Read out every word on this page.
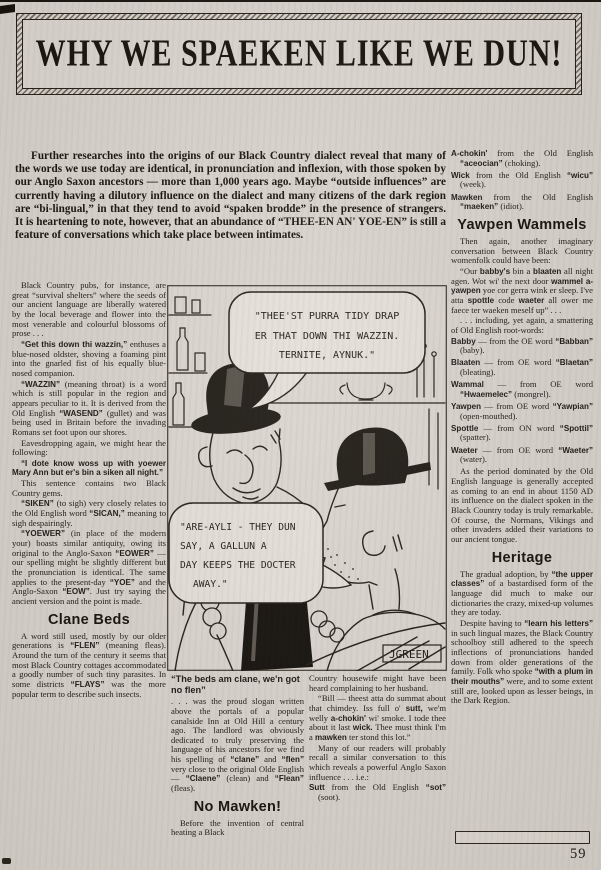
WHY WE SPAEKEN LIKE WE DUN!

Further researches into the origins of our Black Country dialect reveal that many of the words we use today are identical, in pronunciation and inflexion, with those spoken by our Anglo Saxon ancestors — more than 1,000 years ago. Maybe “outside influences” are currently having a dilutory influence on the dialect and many citizens of the dark region are “bi-lingual,” in that they tend to avoid “spaken brodde” in the presence of strangers. It is heartening to note, however, that an abundance of “THEE-EN AN' YOE-EN” is still a feature of conversations which take place between intimates.

Black Country pubs, for instance, are great “survival shelters” where the seeds of our ancient language are liberally watered by the local beverage and flower into the most venerable and colourful blossoms of prose . . .

“Get this down thi wazzin,” enthuses a blue-nosed oldster, shoving a foaming pint into the gnarled fist of his equally blue-nosed companion.

“WAZZIN” (meaning throat) is a word which is still popular in the region and appears peculiar to it. It is derived from the Old English “WASEND” (gullet) and was being used in Britain before the invading Romans set foot upon our shores.

Eavesdropping again, we might hear the following:

“I dote know woss up with yoewer Mary Ann but er's bin a siken all night.”

This sentence contains two Black Country gems.

“SIKEN” (to sigh) very closely relates to the Old English word “SICAN,” meaning to sigh despairingly.

“YOEWER” (in place of the modern your) boasts similar antiquity, owing its original to the Anglo-Saxon “EOWER” — our spelling might be slightly different but the pronunciation is identical. The same applies to the present-day “YOE” and the Anglo-Saxon “EOW”. Just try saying the ancient version and the point is made.

Clane Beds

A word still used, mostly by our older generations is “FLEN” (meaning fleas). Around the turn of the century it seems that most Black Country cottages accommodated a goodly number of such tiny parasites. In some districts “FLAYS” was the more popular term to describe such insects.

"THEE'ST PURRA TIDY DRAP
ER THAT DOWN THI WAZZIN.
TERNITE, AYNUK."
"ARE-AYLI - THEY DUN
SAY, A GALLUN A
DAY KEEPS THE DOCTER
AWAY."
JGREEN

“The beds am clane, we'n got no flen”

. . . was the proud slogan written above the portals of a popular canalside Inn at Old Hill a century ago. The landlord was obviously dedicated to truly preserving the language of his ancestors for we find his spelling of “clane” and “flen” very close to the original Olde English — “Claene” (clean) and “Flean” (fleas).

No Mawken!

Before the invention of central heating a Black

Country housewife might have been heard complaining to her husband.

“Bill — theest atta do summat about that chimdey. Iss full o' sutt, we'm welly a-chokin' wi' smoke. I tode thee about it last wick. Thee must think I'm a mawken ter stond this lot.”

Many of our readers will probably recall a similar conversation to this which reveals a powerful Anglo Saxon influence . . . i.e.:

Sutt from the Old English “sot” (soot).

A-chokin' from the Old English “aceocian” (choking).

Wick from the Old English “wicu” (week).

Mawken from the Old English “maeken” (idiot).

Yawpen Wammels

Then again, another imaginary conversation between Black Country womenfolk could have been:

“Our babby's bin a blaaten all night agen. Wot wi' the next door wammel a-yawpen yoe cor gerra wink er sleep. I've atta spottle code waeter all ower me faece ter waeken meself up” . . .

. . . including, yet again, a smattering of Old English root-words:

Babby — from the OE word “Babban” (baby).

Blaaten — from OE word “Blaetan” (bleating).

Wammal — from OE word “Hwaemelec” (mongrel).

Yawpen — from OE word “Yawpian” (open-mouthed).

Spottle — from ON word “Spottil” (spatter).

Waeter — from OE word “Waeter” (water).

As the period dominated by the Old English language is generally accepted as coming to an end in about 1150 AD its influence on the dialect spoken in the Black Country today is truly remarkable. Of course, the Normans, Vikings and other invaders added their variations to our ancient tongue.

Heritage

The gradual adoption, by “the upper classes” of a bastardised form of the language did much to make our dictionaries the crazy, mixed-up volumes they are today.

Despite having to “learn his letters” in such lingual mazes, the Black Country schoolboy still adhered to the speech inflections of pronunciations handed down from older generations of the family. Folk who spoke “with a plum in their mouths” were, and to some extent still are, looked upon as lesser beings, in the Dark Region.

59
